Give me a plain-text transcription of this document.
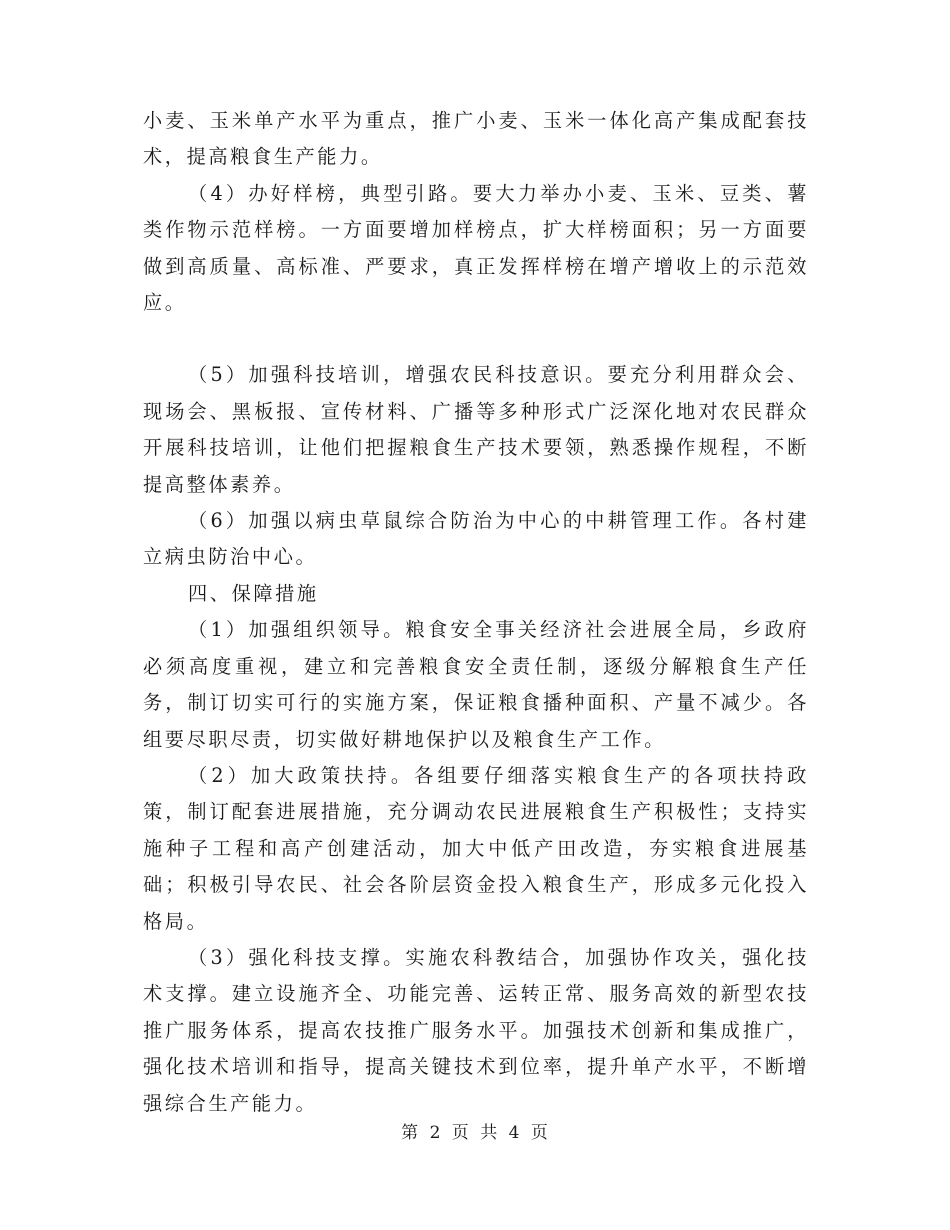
小麦、玉米单产水平为重点，推广小麦、玉米一体化高产集成配套技术，提高粮食生产能力。

（4）办好样榜，典型引路。要大力举办小麦、玉米、豆类、薯类作物示范样榜。一方面要增加样榜点，扩大样榜面积；另一方面要做到高质量、高标准、严要求，真正发挥样榜在增产增收上的示范效应。

（5）加强科技培训，增强农民科技意识。要充分利用群众会、现场会、黑板报、宣传材料、广播等多种形式广泛深化地对农民群众开展科技培训，让他们把握粮食生产技术要领，熟悉操作规程，不断提高整体素养。

（6）加强以病虫草鼠综合防治为中心的中耕管理工作。各村建立病虫防治中心。

四、保障措施

（1）加强组织领导。粮食安全事关经济社会进展全局，乡政府必须高度重视，建立和完善粮食安全责任制，逐级分解粮食生产任务，制订切实可行的实施方案，保证粮食播种面积、产量不减少。各组要尽职尽责，切实做好耕地保护以及粮食生产工作。

（2）加大政策扶持。各组要仔细落实粮食生产的各项扶持政策，制订配套进展措施，充分调动农民进展粮食生产积极性；支持实施种子工程和高产创建活动，加大中低产田改造，夯实粮食进展基础；积极引导农民、社会各阶层资金投入粮食生产，形成多元化投入格局。

（3）强化科技支撑。实施农科教结合，加强协作攻关，强化技术支撑。建立设施齐全、功能完善、运转正常、服务高效的新型农技推广服务体系，提高农技推广服务水平。加强技术创新和集成推广，强化技术培训和指导，提高关键技术到位率，提升单产水平，不断增强综合生产能力。

第 2 页 共 4 页
